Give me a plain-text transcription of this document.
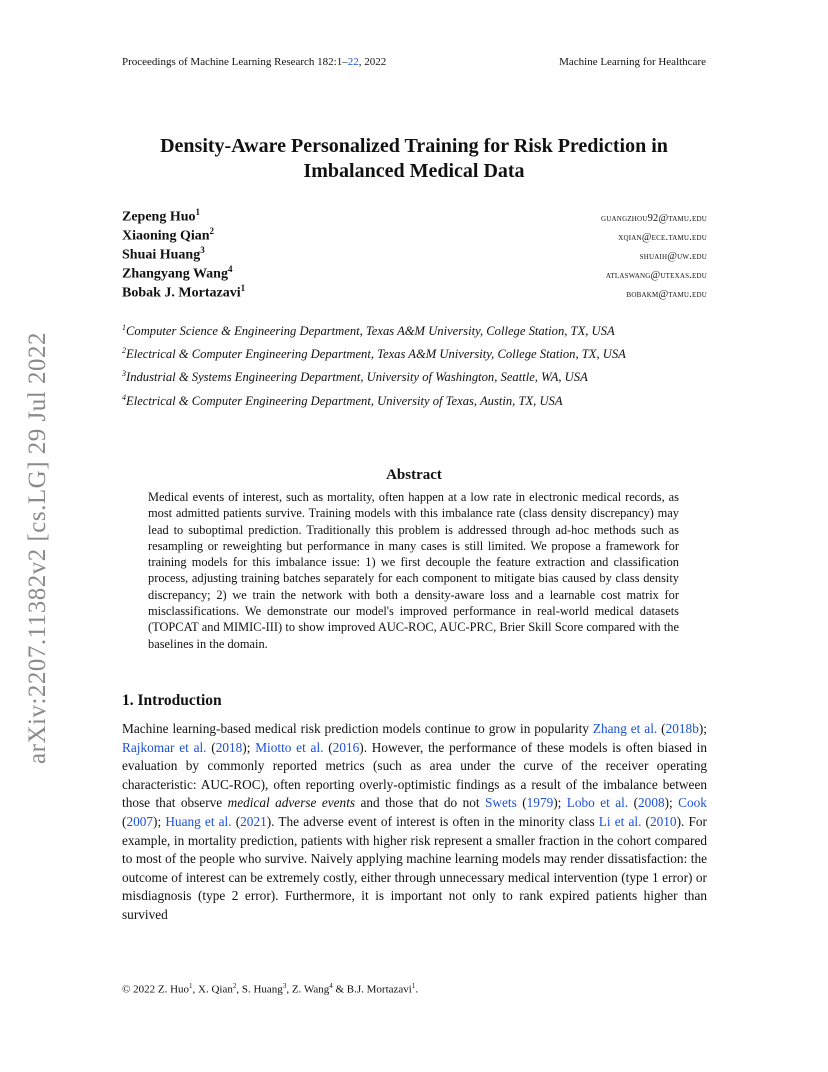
Proceedings of Machine Learning Research 182:1–22, 2022	Machine Learning for Healthcare
Density-Aware Personalized Training for Risk Prediction in
Imbalanced Medical Data
Zepeng Huo$^1$
guangzhou92@tamu.edu
Xiaoning Qian$^2$
xqian@ece.tamu.edu
Shuai Huang$^3$
shuaih@uw.edu
Zhangyang Wang$^4$
atlaswang@utexas.edu
Bobak J. Mortazavi$^1$
bobakm@tamu.edu
$^1$Computer Science & Engineering Department, Texas A&M University, College Station, TX, USA
$^2$Electrical & Computer Engineering Department, Texas A&M University, College Station, TX, USA
$^3$Industrial & Systems Engineering Department, University of Washington, Seattle, WA, USA
$^4$Electrical & Computer Engineering Department, University of Texas, Austin, TX, USA
arXiv:2207.11382v2 [cs.LG] 29 Jul 2022	Abstract
Medical events of interest, such as mortality, often happen at a low rate in electronic medical records, as most admitted patients survive. Training models with this imbalance rate (class density discrepancy) may lead to suboptimal prediction. Traditionally this problem is addressed through ad-hoc methods such as resampling or reweighting but performance in many cases is still limited. We propose a framework for training models for this imbalance issue: 1) we first decouple the feature extraction and classification process, adjusting training batches separately for each component to mitigate bias caused by class density discrepancy; 2) we train the network with both a density-aware loss and a learnable cost matrix for misclassifications. We demonstrate our model's improved performance in real-world medical datasets (TOPCAT and MIMIC-III) to show improved AUC-ROC, AUC-PRC, Brier Skill Score compared with the baselines in the domain.
1. Introduction
Machine learning-based medical risk prediction models continue to grow in popularity Zhang et al. (2018b); Rajkomar et al. (2018); Miotto et al. (2016). However, the performance of these models is often biased in evaluation by commonly reported metrics (such as area under the curve of the receiver operating characteristic: AUC-ROC), often reporting overly-optimistic findings as a result of the imbalance between those that observe medical adverse events and those that do not Swets (1979); Lobo et al. (2008); Cook (2007); Huang et al. (2021). The adverse event of interest is often in the minority class Li et al. (2010). For example, in mortality prediction, patients with higher risk represent a smaller fraction in the cohort compared to most of the people who survive. Naively applying machine learning models may render dissatisfaction: the outcome of interest can be extremely costly, either through unnecessary medical intervention (type 1 error) or misdiagnosis (type 2 error). Furthermore, it is important not only to rank expired patients higher than survived
© 2022 Z. Huo$^1$, X. Qian$^2$, S. Huang$^3$, Z. Wang$^4$ & B.J. Mortazavi$^1$.
